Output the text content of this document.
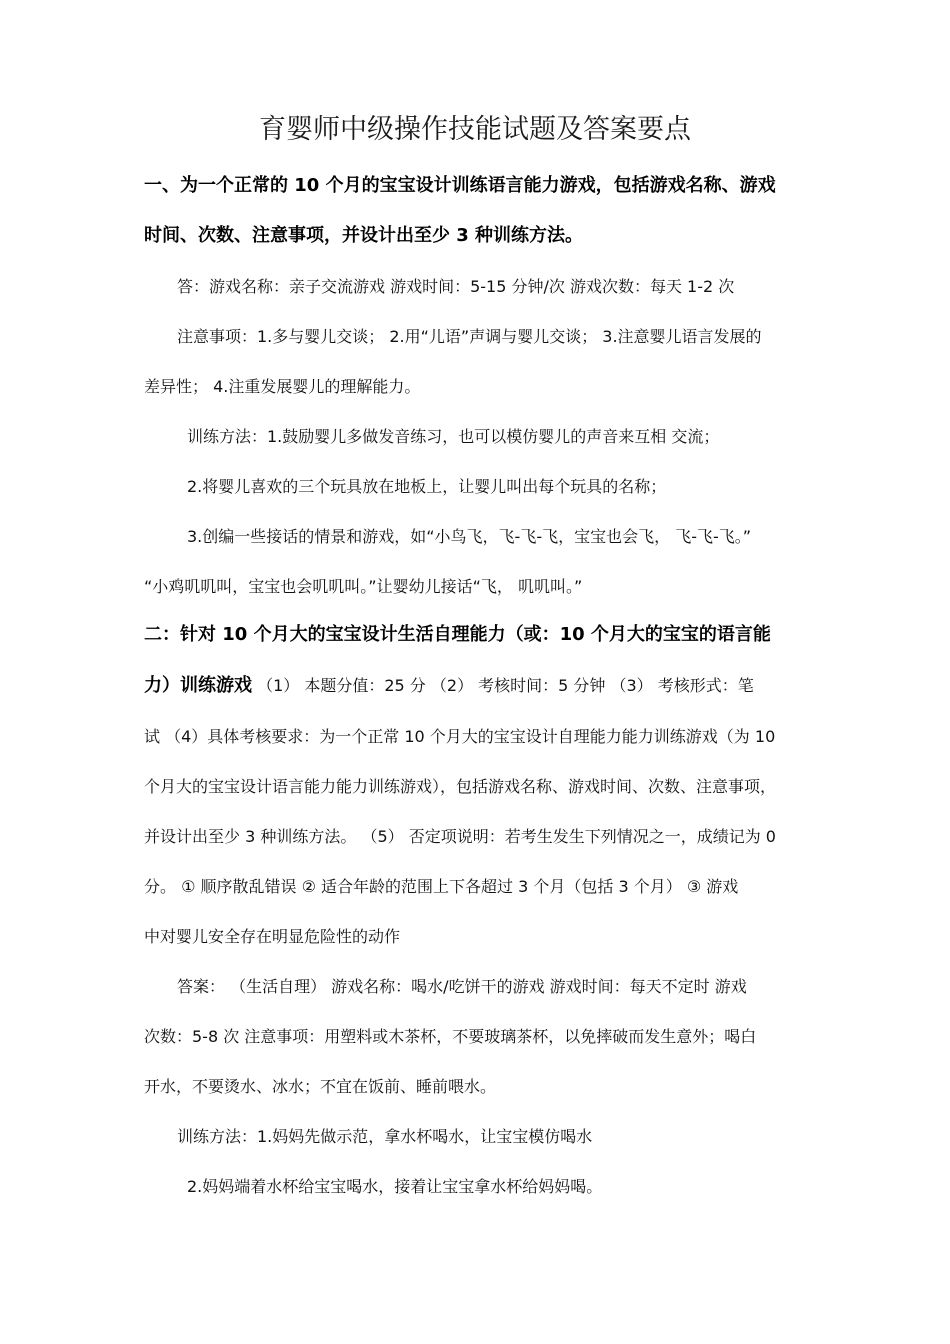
育婴师中级操作技能试题及答案要点
一、为一个正常的 10 个月的宝宝设计训练语言能力游戏，包括游戏名称、游戏
时间、次数、注意事项，并设计出至少 3 种训练方法。
答：游戏名称：亲子交流游戏 游戏时间：5-15 分钟/次 游戏次数：每天 1-2 次
注意事项：1.多与婴儿交谈； 2.用“儿语”声调与婴儿交谈； 3.注意婴儿语言发展的
差异性； 4.注重发展婴儿的理解能力。
训练方法：1.鼓励婴儿多做发音练习，也可以模仿婴儿的声音来互相 交流；
2.将婴儿喜欢的三个玩具放在地板上，让婴儿叫出每个玩具的名称；
3.创编一些接话的情景和游戏，如“小鸟飞，飞-飞-飞，宝宝也会飞， 飞-飞-飞。”
“小鸡叽叽叫，宝宝也会叽叽叫。”让婴幼儿接话“飞， 叽叽叫。”
二：针对 10 个月大的宝宝设计生活自理能力（或：10 个月大的宝宝的语言能
力）训练游戏 （1） 本题分值：25 分 （2） 考核时间：5 分钟 （3） 考核形式：笔
试 （4）具体考核要求：为一个正常 10 个月大的宝宝设计自理能力能力训练游戏（为 10
个月大的宝宝设计语言能力能力训练游戏），包括游戏名称、游戏时间、次数、注意事项，
并设计出至少 3 种训练方法。 （5） 否定项说明：若考生发生下列情况之一，成绩记为 0
分。 ① 顺序散乱错误 ② 适合年龄的范围上下各超过 3 个月（包括 3 个月） ③ 游戏
中对婴儿安全存在明显危险性的动作
答案： （生活自理） 游戏名称：喝水/吃饼干的游戏 游戏时间：每天不定时 游戏
次数：5-8 次 注意事项：用塑料或木茶杯，不要玻璃茶杯，以免摔破而发生意外；喝白
开水，不要烫水、冰水；不宜在饭前、睡前喂水。
训练方法：1.妈妈先做示范，拿水杯喝水，让宝宝模仿喝水
2.妈妈端着水杯给宝宝喝水，接着让宝宝拿水杯给妈妈喝。
